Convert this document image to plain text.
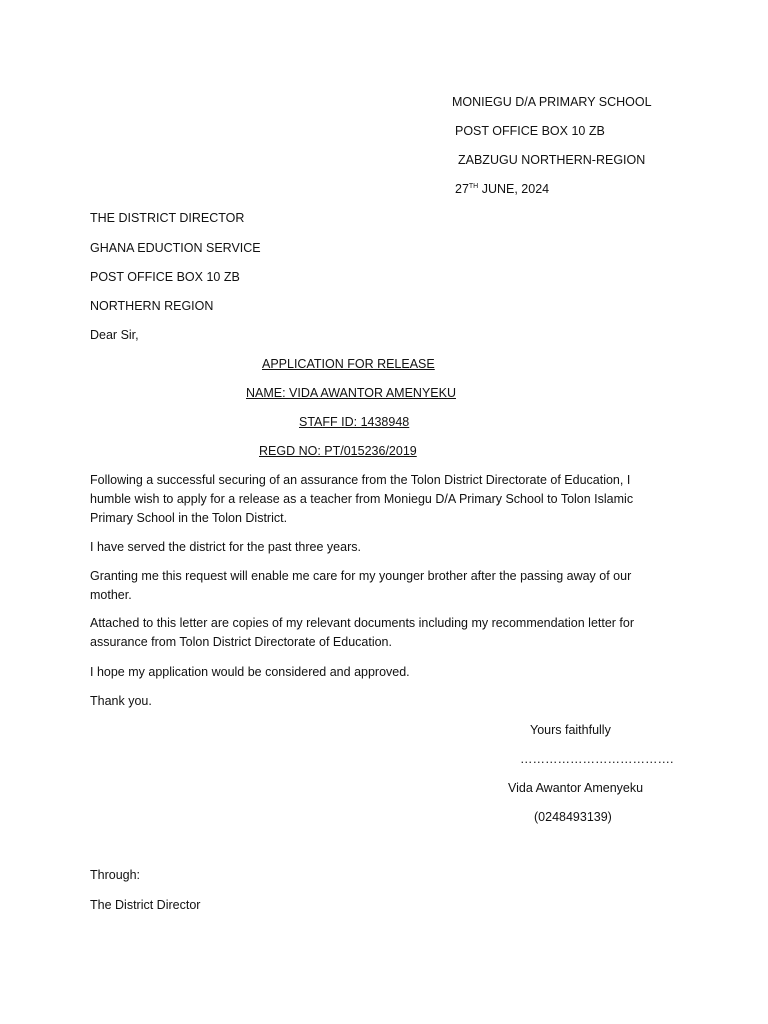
MONIEGU D/A PRIMARY SCHOOL
POST OFFICE BOX 10 ZB
ZABZUGU NORTHERN-REGION
27TH JUNE, 2024
THE DISTRICT DIRECTOR
GHANA EDUCTION SERVICE
POST OFFICE BOX 10 ZB
NORTHERN REGION
Dear Sir,
APPLICATION FOR RELEASE
NAME: VIDA AWANTOR AMENYEKU
STAFF ID: 1438948
REGD NO: PT/015236/2019
Following a successful securing of an assurance from the Tolon District Directorate of Education, I humble wish to apply for a release as a teacher from Moniegu D/A Primary School to Tolon Islamic Primary School in the Tolon District.
I have served the district for the past three years.
Granting me this request will enable me care for my younger brother after the passing away of our mother.
Attached to this letter are copies of my relevant documents including my recommendation letter for assurance from Tolon District Directorate of Education.
I hope my application would be considered and approved.
Thank you.
Yours faithfully
……………………………….
Vida Awantor Amenyeku
(0248493139)
Through:
The District Director
